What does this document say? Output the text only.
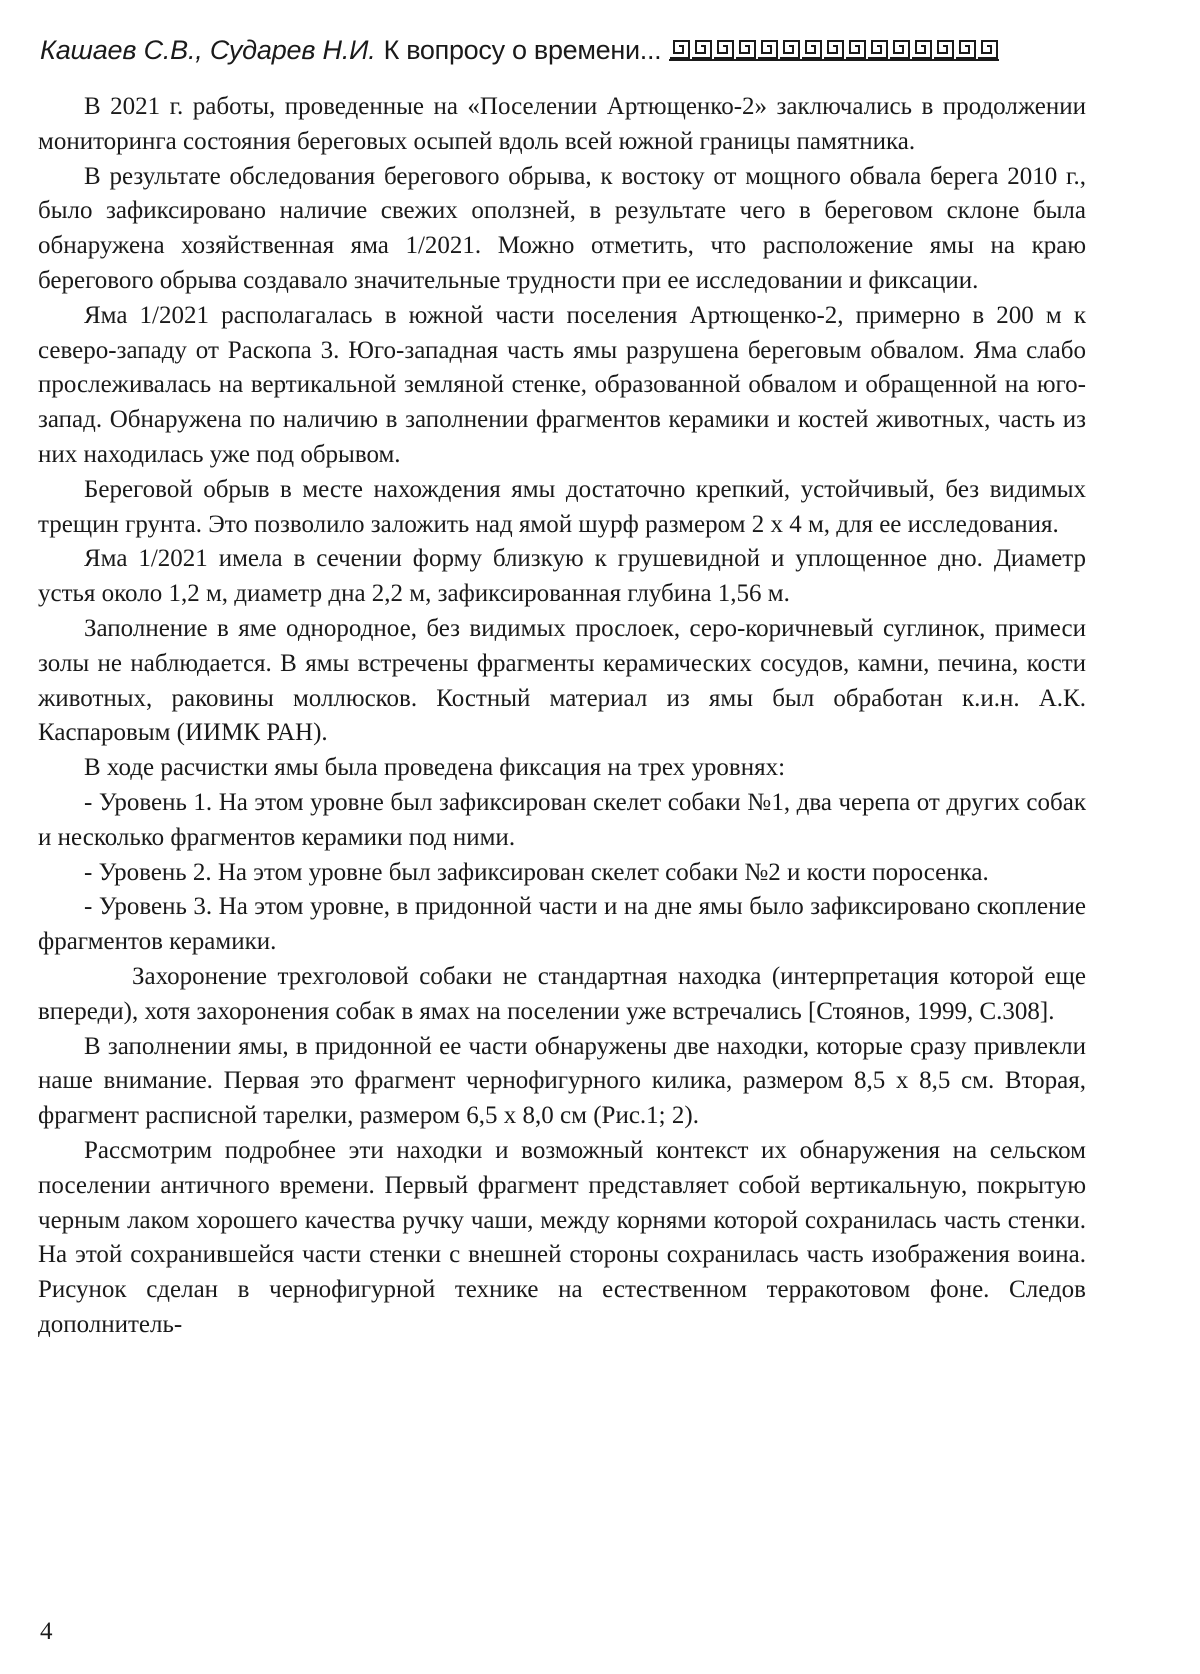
Кашаев С.В., Сударев Н.И. К вопросу о времени...

В 2021 г. работы, проведенные на «Поселении Артющенко-2» заключались в продолжении мониторинга состояния береговых осыпей вдоль всей южной границы памятника.

В результате обследования берегового обрыва, к востоку от мощного обвала берега 2010 г., было зафиксировано наличие свежих оползней, в результате чего в береговом склоне была обнаружена хозяйственная яма 1/2021. Можно отметить, что расположение ямы на краю берегового обрыва создавало значительные трудности при ее исследовании и фиксации.

Яма 1/2021 располагалась в южной части поселения Артющенко-2, примерно в 200 м к северо-западу от Раскопа 3. Юго-западная часть ямы разрушена береговым обвалом. Яма слабо прослеживалась на вертикальной земляной стенке, образованной обвалом и обращенной на юго-запад. Обнаружена по наличию в заполнении фрагментов керамики и костей животных, часть из них находилась уже под обрывом.

Береговой обрыв в месте нахождения ямы достаточно крепкий, устойчивый, без видимых трещин грунта. Это позволило заложить над ямой шурф размером 2 х 4 м, для ее исследования.

Яма 1/2021 имела в сечении форму близкую к грушевидной и уплощенное дно. Диаметр устья около 1,2 м, диаметр дна 2,2 м, зафиксированная глубина 1,56 м.

Заполнение в яме однородное, без видимых прослоек, серо-коричневый суглинок, примеси золы не наблюдается. В ямы встречены фрагменты керамических сосудов, камни, печина, кости животных, раковины моллюсков. Костный материал из ямы был обработан к.и.н. А.К. Каспаровым (ИИМК РАН).

В ходе расчистки ямы была проведена фиксация на трех уровнях:

- Уровень 1. На этом уровне был зафиксирован скелет собаки №1, два черепа от других собак и несколько фрагментов керамики под ними.

- Уровень 2. На этом уровне был зафиксирован скелет собаки №2 и кости поросенка.

- Уровень 3. На этом уровне, в придонной части и на дне ямы было зафиксировано скопление фрагментов керамики.

Захоронение трехголовой собаки не стандартная находка (интерпретация которой еще впереди), хотя захоронения собак в ямах на поселении уже встречались [Стоянов, 1999, С.308].

В заполнении ямы, в придонной ее части обнаружены две находки, которые сразу привлекли наше внимание. Первая это фрагмент чернофигурного килика, размером 8,5 х 8,5 см. Вторая, фрагмент расписной тарелки, размером 6,5 х 8,0 см (Рис.1; 2).

Рассмотрим подробнее эти находки и возможный контекст их обнаружения на сельском поселении античного времени. Первый фрагмент представляет собой вертикальную, покрытую черным лаком хорошего качества ручку чаши, между корнями которой сохранилась часть стенки. На этой сохранившейся части стенки с внешней стороны сохранилась часть изображения воина. Рисунок сделан в чернофигурной технике на естественном терракотовом фоне. Следов дополнитель-

4
